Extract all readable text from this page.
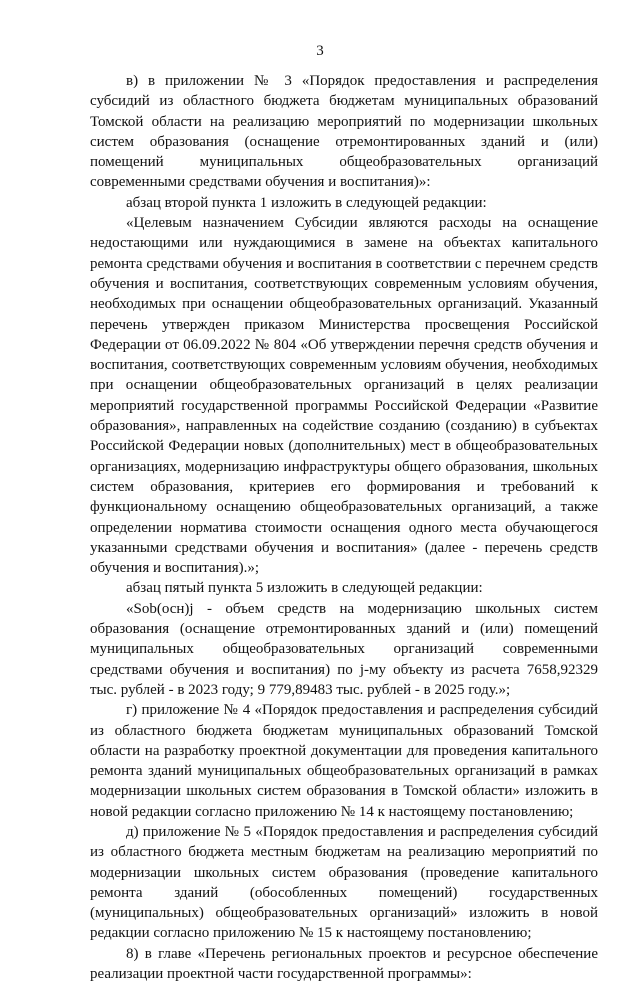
3

в) в приложении № 3 «Порядок предоставления и распределения субсидий из областного бюджета бюджетам муниципальных образований Томской области на реализацию мероприятий по модернизации школьных систем образования (оснащение отремонтированных зданий и (или) помещений муниципальных общеобразовательных организаций современными средствами обучения и воспитания)»:

абзац второй пункта 1 изложить в следующей редакции:

«Целевым назначением Субсидии являются расходы на оснащение недостающими или нуждающимися в замене на объектах капитального ремонта средствами обучения и воспитания в соответствии с перечнем средств обучения и воспитания, соответствующих современным условиям обучения, необходимых при оснащении общеобразовательных организаций. Указанный перечень утвержден приказом Министерства просвещения Российской Федерации от 06.09.2022 № 804 «Об утверждении перечня средств обучения и воспитания, соответствующих современным условиям обучения, необходимых при оснащении общеобразовательных организаций в целях реализации мероприятий государственной программы Российской Федерации «Развитие образования», направленных на содействие созданию (созданию) в субъектах Российской Федерации новых (дополнительных) мест в общеобразовательных организациях, модернизацию инфраструктуры общего образования, школьных систем образования, критериев его формирования и требований к функциональному оснащению общеобразовательных организаций, а также определении норматива стоимости оснащения одного места обучающегося указанными средствами обучения и воспитания» (далее - перечень средств обучения и воспитания).»;

абзац пятый пункта 5 изложить в следующей редакции:

«Sob(осн)j - объем средств на модернизацию школьных систем образования (оснащение отремонтированных зданий и (или) помещений муниципальных общеобразовательных организаций современными средствами обучения и воспитания) по j-му объекту из расчета 7658,92329 тыс. рублей - в 2023 году; 9 779,89483 тыс. рублей - в 2025 году.»;

г) приложение № 4 «Порядок предоставления и распределения субсидий из областного бюджета бюджетам муниципальных образований Томской области на разработку проектной документации для проведения капитального ремонта зданий муниципальных общеобразовательных организаций в рамках модернизации школьных систем образования в Томской области» изложить в новой редакции согласно приложению № 14 к настоящему постановлению;

д) приложение № 5 «Порядок предоставления и распределения субсидий из областного бюджета местным бюджетам на реализацию мероприятий по модернизации школьных систем образования (проведение капитального ремонта зданий (обособленных помещений) государственных (муниципальных) общеобразовательных организаций» изложить в новой редакции согласно приложению № 15 к настоящему постановлению;

8) в главе «Перечень региональных проектов и ресурсное обеспечение реализации проектной части государственной программы»:
